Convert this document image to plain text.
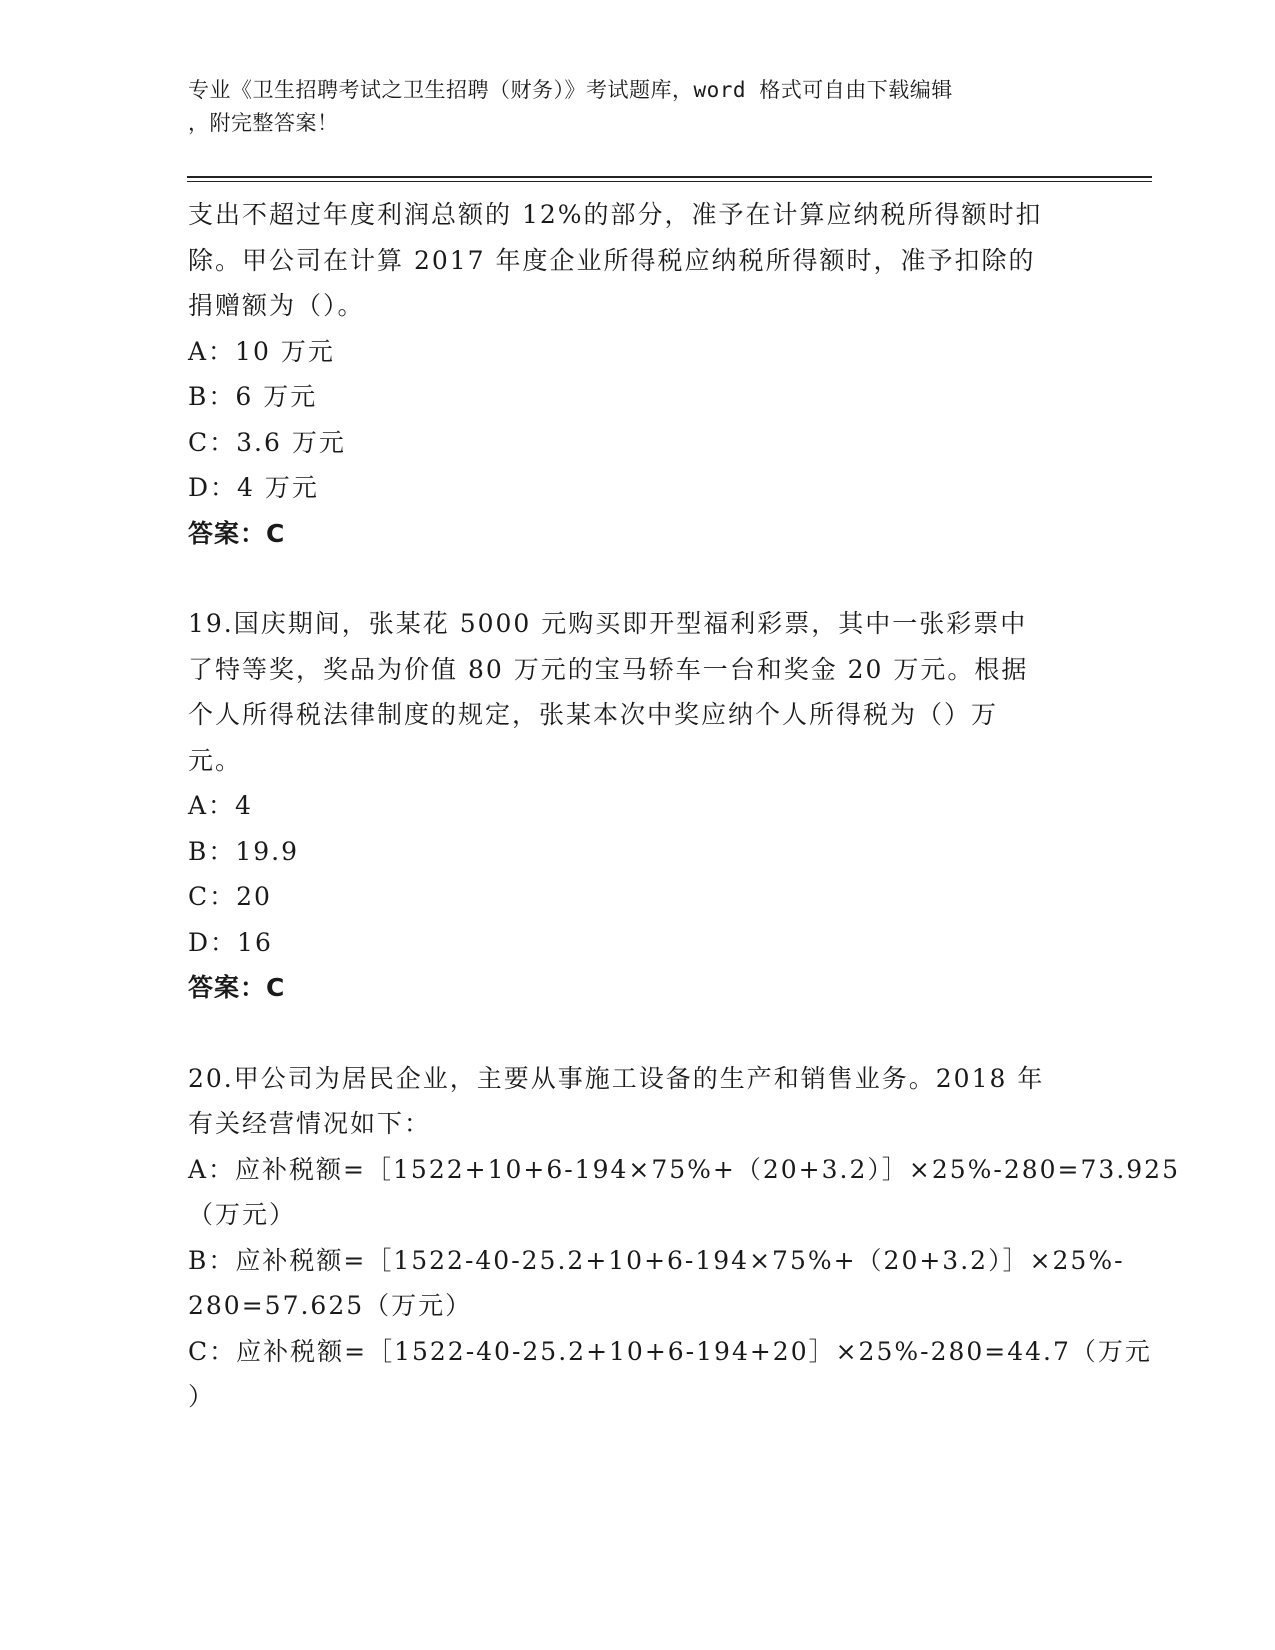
专业《卫生招聘考试之卫生招聘（财务）》考试题库，word 格式可自由下载编辑
，附完整答案！
支出不超过年度利润总额的 12%的部分，准予在计算应纳税所得额时扣
除。甲公司在计算 2017 年度企业所得税应纳税所得额时，准予扣除的
捐赠额为（）。
A：10 万元
B：6 万元
C：3.6 万元
D：4 万元
答案：C
19.国庆期间，张某花 5000 元购买即开型福利彩票，其中一张彩票中
了特等奖，奖品为价值 80 万元的宝马轿车一台和奖金 20 万元。根据
个人所得税法律制度的规定，张某本次中奖应纳个人所得税为（）万
元。
A：4
B：19.9
C：20
D：16
答案：C
20.甲公司为居民企业，主要从事施工设备的生产和销售业务。2018 年
有关经营情况如下：
A：应补税额=［1522+10+6-194×75%+（20+3.2）］×25%-280=73.925
（万元）
B：应补税额=［1522-40-25.2+10+6-194×75%+（20+3.2）］×25%-
280=57.625（万元）
C：应补税额=［1522-40-25.2+10+6-194+20］×25%-280=44.7（万元
）
